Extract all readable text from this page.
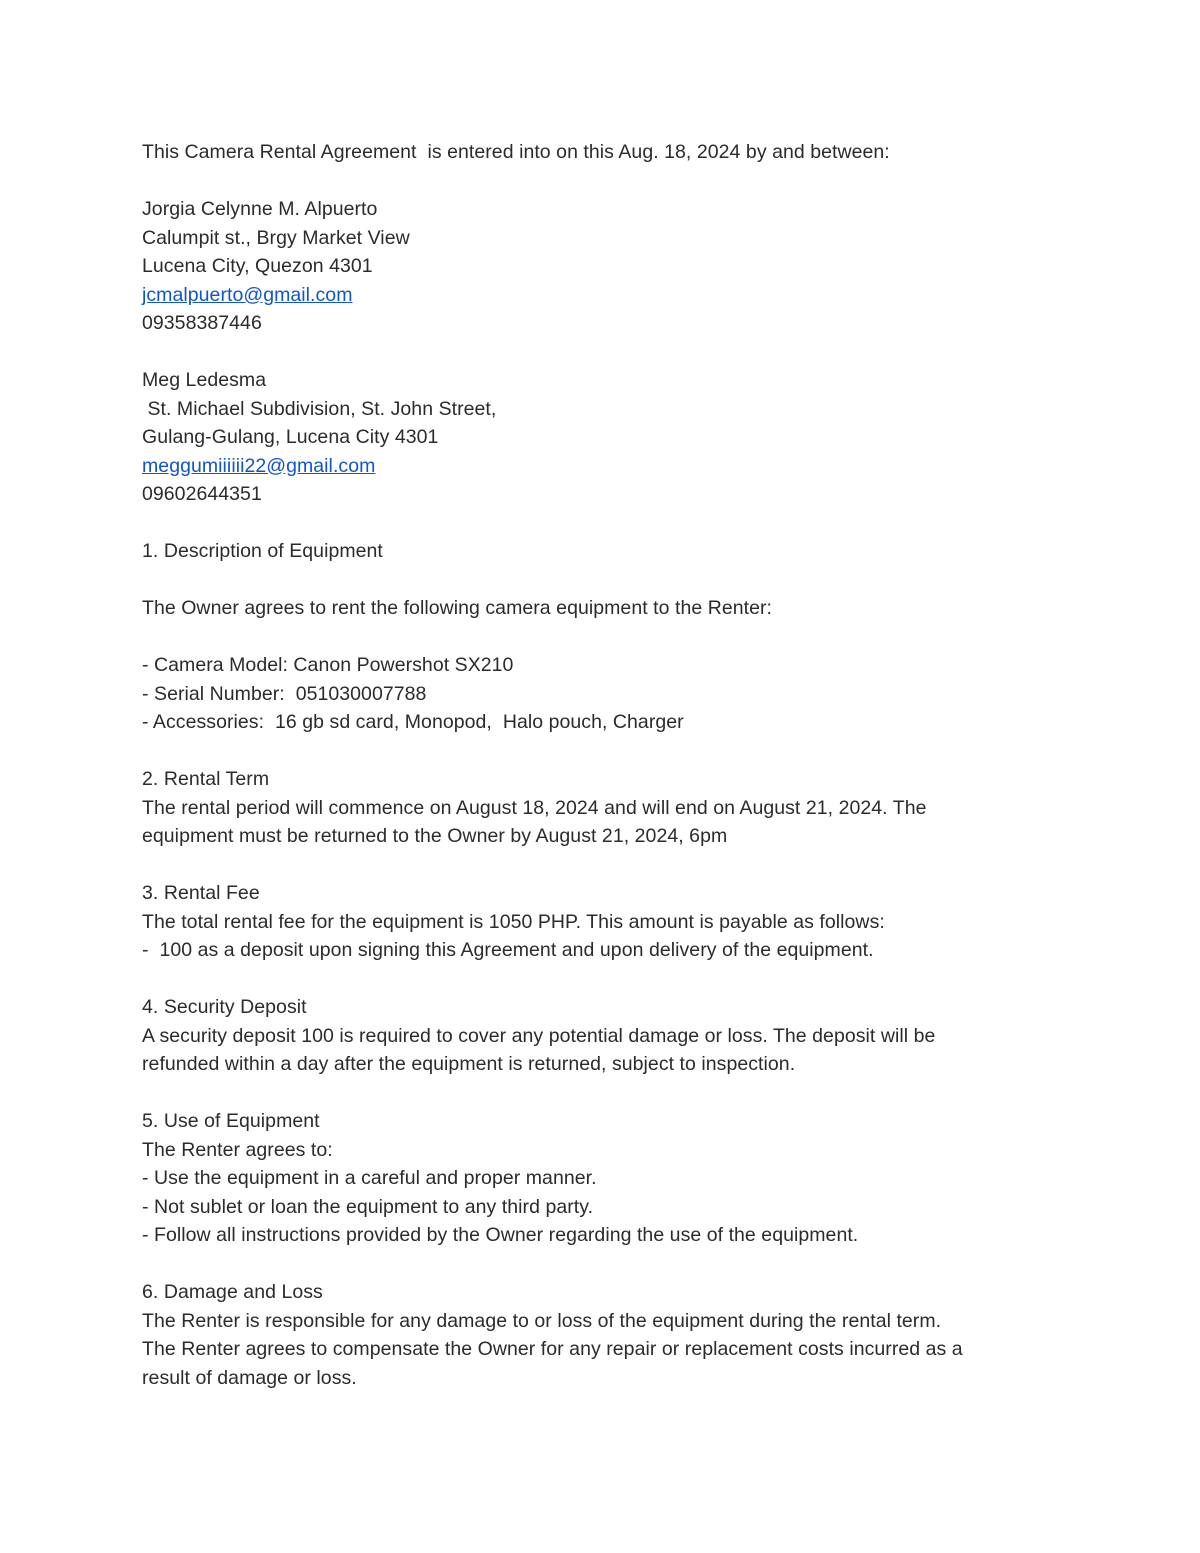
This Camera Rental Agreement  is entered into on this Aug. 18, 2024 by and between:
Jorgia Celynne M. Alpuerto
Calumpit st., Brgy Market View
Lucena City, Quezon 4301
jcmalpuerto@gmail.com
09358387446
Meg Ledesma
St. Michael Subdivision, St. John Street,
Gulang-Gulang, Lucena City 4301
meggumiiiiii22@gmail.com
09602644351
1. Description of Equipment
The Owner agrees to rent the following camera equipment to the Renter:
- Camera Model: Canon Powershot SX210
- Serial Number:  051030007788
- Accessories:  16 gb sd card, Monopod,  Halo pouch, Charger
2. Rental Term
The rental period will commence on August 18, 2024 and will end on August 21, 2024. The
equipment must be returned to the Owner by August 21, 2024, 6pm
3. Rental Fee
The total rental fee for the equipment is 1050 PHP. This amount is payable as follows:
-  100 as a deposit upon signing this Agreement and upon delivery of the equipment.
4. Security Deposit
A security deposit 100 is required to cover any potential damage or loss. The deposit will be
refunded within a day after the equipment is returned, subject to inspection.
5. Use of Equipment
The Renter agrees to:
- Use the equipment in a careful and proper manner.
- Not sublet or loan the equipment to any third party.
- Follow all instructions provided by the Owner regarding the use of the equipment.
6. Damage and Loss
The Renter is responsible for any damage to or loss of the equipment during the rental term.
The Renter agrees to compensate the Owner for any repair or replacement costs incurred as a
result of damage or loss.
